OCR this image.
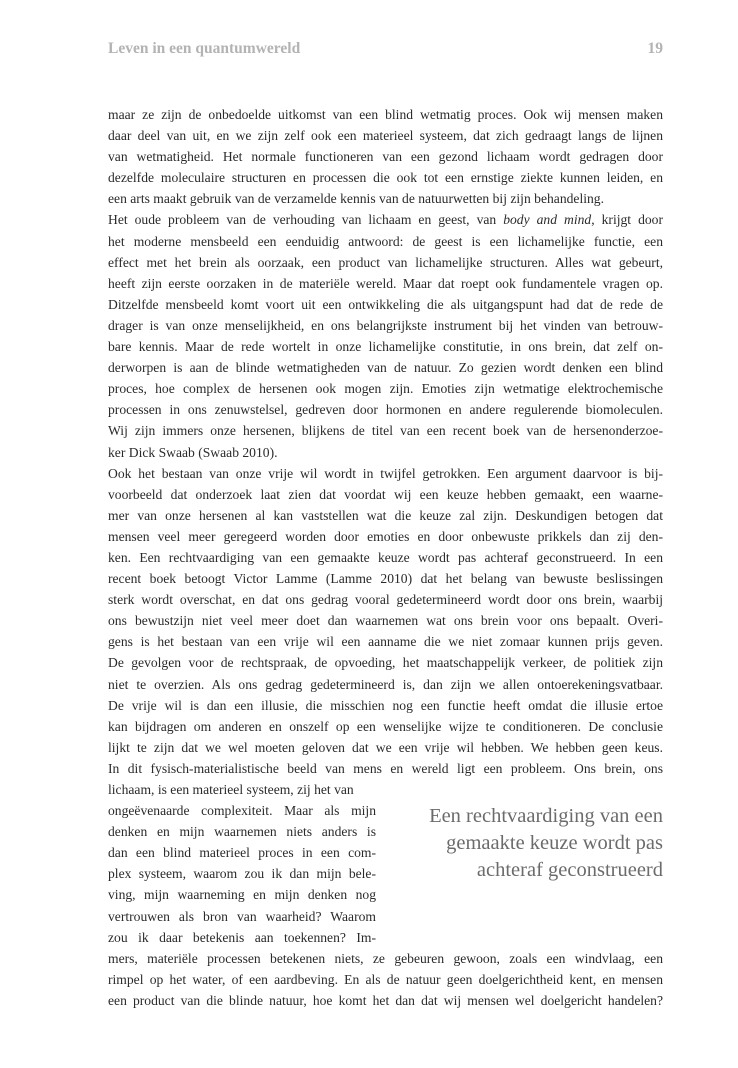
Leven in een quantumwereld	19
maar ze zijn de onbedoelde uitkomst van een blind wetmatig proces. Ook wij mensen maken
daar deel van uit, en we zijn zelf ook een materieel systeem, dat zich gedraagt langs de lijnen
van wetmatigheid. Het normale functioneren van een gezond lichaam wordt gedragen door
dezelfde moleculaire structuren en processen die ook tot een ernstige ziekte kunnen leiden, en
een arts maakt gebruik van de verzamelde kennis van de natuurwetten bij zijn behandeling.
Het oude probleem van de verhouding van lichaam en geest, van body and mind, krijgt door
het moderne mensbeeld een eenduidig antwoord: de geest is een lichamelijke functie, een
effect met het brein als oorzaak, een product van lichamelijke structuren. Alles wat gebeurt,
heeft zijn eerste oorzaken in de materiële wereld. Maar dat roept ook fundamentele vragen op.
Ditzelfde mensbeeld komt voort uit een ontwikkeling die als uitgangspunt had dat de rede de
drager is van onze menselijkheid, en ons belangrijkste instrument bij het vinden van betrouw-
bare kennis. Maar de rede wortelt in onze lichamelijke constitutie, in ons brein, dat zelf on-
derworpen is aan de blinde wetmatigheden van de natuur. Zo gezien wordt denken een blind
proces, hoe complex de hersenen ook mogen zijn. Emoties zijn wetmatige elektrochemische
processen in ons zenuwstelsel, gedreven door hormonen en andere regulerende biomoleculen.
Wij zijn immers onze hersenen, blijkens de titel van een recent boek van de hersenonderzoe-
ker Dick Swaab (Swaab 2010).
Ook het bestaan van onze vrije wil wordt in twijfel getrokken. Een argument daarvoor is bij-
voorbeeld dat onderzoek laat zien dat voordat wij een keuze hebben gemaakt, een waarne-
mer van onze hersenen al kan vaststellen wat die keuze zal zijn. Deskundigen betogen dat
mensen veel meer geregeerd worden door emoties en door onbewuste prikkels dan zij den-
ken. Een rechtvaardiging van een gemaakte keuze wordt pas achteraf geconstrueerd. In een
recent boek betoogt Victor Lamme (Lamme 2010) dat het belang van bewuste beslissingen
sterk wordt overschat, en dat ons gedrag vooral gedetermineerd wordt door ons brein, waarbij
ons bewustzijn niet veel meer doet dan waarnemen wat ons brein voor ons bepaalt. Overi-
gens is het bestaan van een vrije wil een aanname die we niet zomaar kunnen prijs geven.
De gevolgen voor de rechtspraak, de opvoeding, het maatschappelijk verkeer, de politiek zijn
niet te overzien. Als ons gedrag gedetermineerd is, dan zijn we allen ontoerekeningsvatbaar.
De vrije wil is dan een illusie, die misschien nog een functie heeft omdat die illusie ertoe
kan bijdragen om anderen en onszelf op een wenselijke wijze te conditioneren. De conclusie
lijkt te zijn dat we wel moeten geloven dat we een vrije wil hebben. We hebben geen keus.
In dit fysisch-materialistische beeld van mens en wereld ligt een probleem. Ons brein, ons
lichaam, is een materieel systeem, zij het van
ongeëvenaarde complexiteit. Maar als mijn
denken en mijn waarnemen niets anders is
dan een blind materieel proces in een com-
plex systeem, waarom zou ik dan mijn bele-
ving, mijn waarneming en mijn denken nog
vertrouwen als bron van waarheid? Waarom
zou ik daar betekenis aan toekennen? Im-
mers, materiële processen betekenen niets, ze gebeuren gewoon, zoals een windvlaag, een
rimpel op het water, of een aardbeving. En als de natuur geen doelgerichtheid kent, en mensen
een product van die blinde natuur, hoe komt het dan dat wij mensen wel doelgericht handelen?
Een rechtvaardiging van een
gemaakte keuze wordt pas
achteraf geconstrueerd
